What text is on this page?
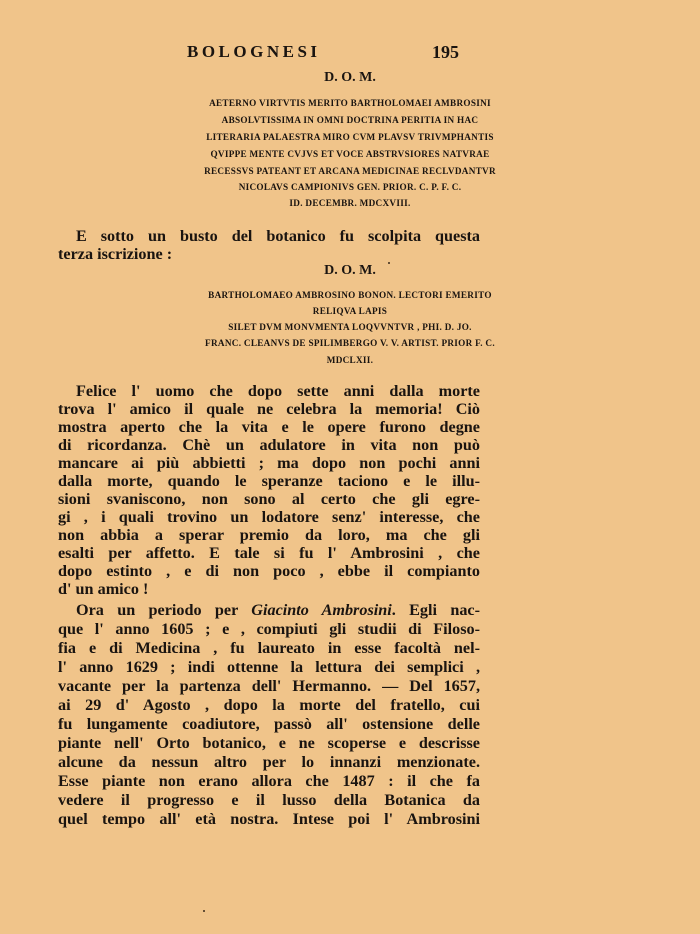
BOLOGNESI	195
D. O. M.
AETERNO VIRTVTIS MERITO BARTHOLOMAEI AMBROSINI
ABSOLVTISSIMA IN OMNI DOCTRINA PERITIA IN HAC
LITERARIA PALAESTRA MIRO CVM PLAVSV TRIVMPHANTIS
QVIPPE MENTE CVJVS ET VOCE ABSTRVSIORES NATVRAE
RECESSVS PATEANT ET ARCANA MEDICINAE RECLVDANTVR
NICOLAVS CAMPIONIVS GEN. PRIOR. C. P. F. C.
ID. DECEMBR. MDCXVIII.
E sotto un busto del botanico fu scolpita questa
terza iscrizione :
D. O. M.
BARTHOLOMAEO AMBROSINO BONON. LECTORI EMERITO
RELIQVA LAPIS
SILET DVM MONVMENTA LOQVVNTVR , PHI. D. JO.
FRANC. CLEANVS DE SPILIMBERGO V. V. ARTIST. PRIOR F. C.
MDCLXII.
Felice l' uomo che dopo sette anni dalla morte
trova l' amico il quale ne celebra la memoria! Ciò
mostra aperto che la vita e le opere furono degne
di ricordanza. Chè un adulatore in vita non può
mancare ai più abbietti ; ma dopo non pochi anni
dalla morte, quando le speranze taciono e le illu-
sioni svaniscono, non sono al certo che gli egre-
gi , i quali trovino un lodatore senz' interesse, che
non abbia a sperar premio da loro, ma che gli
esalti per affetto. E tale si fu l' Ambrosini , che
dopo estinto , e di non poco , ebbe il compianto
d' un amico !
Ora un periodo per Giacinto Ambrosini. Egli nac-
que l' anno 1605 ; e , compiuti gli studii di Filoso-
fia e di Medicina , fu laureato in esse facoltà nel-
l' anno 1629 ; indi ottenne la lettura dei semplici ,
vacante per la partenza dell' Hermanno. — Del 1657,
ai 29 d' Agosto , dopo la morte del fratello, cui
fu lungamente coadiutore, passò all' ostensione delle
piante nell' Orto botanico, e ne scoperse e descrisse
alcune da nessun altro per lo innanzi menzionate.
Esse piante non erano allora che 1487 : il che fa
vedere il progresso e il lusso della Botanica da
quel tempo all' età nostra. Intese poi l' Ambrosini
